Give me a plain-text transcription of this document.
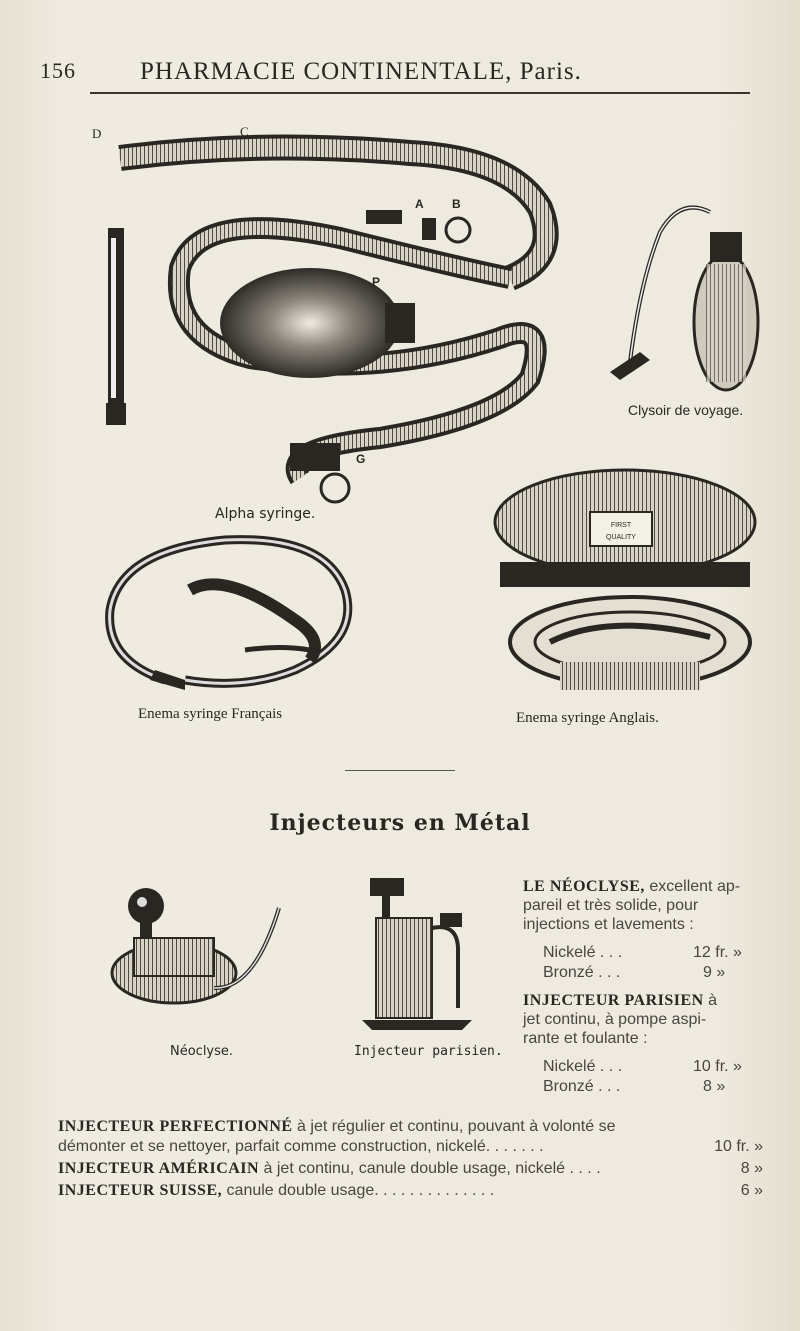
156	PHARMACIE CONTINENTALE, Paris.
D	C
A B
P
G
Alpha syringe.
Clysoir de voyage.
Enema syringe Français
FIRST
QUALITY
Enema syringe Anglais.
Injecteurs en Métal
Néoclyse.	Injecteur parisien.
LE NÉOCLYSE, excellent ap-
pareil et très solide, pour
injections et lavements :
Nickelé . . .	12 fr. »
Bronzé . . .	9 »
INJECTEUR PARISIEN à
jet continu, à pompe aspi-
rante et foulante :
Nickelé . . .	10 fr. »
Bronzé . . .	8 »
INJECTEUR PERFECTIONNÉ à jet régulier et continu, pouvant à volonté se
démonter et se nettoyer, parfait comme construction, nickelé. . . . . . .	10 fr. »
INJECTEUR AMÉRICAIN à jet continu, canule double usage, nickelé . . . .	8 »
INJECTEUR SUISSE, canule double usage. . . . . . . . . . . . . .	6 »
